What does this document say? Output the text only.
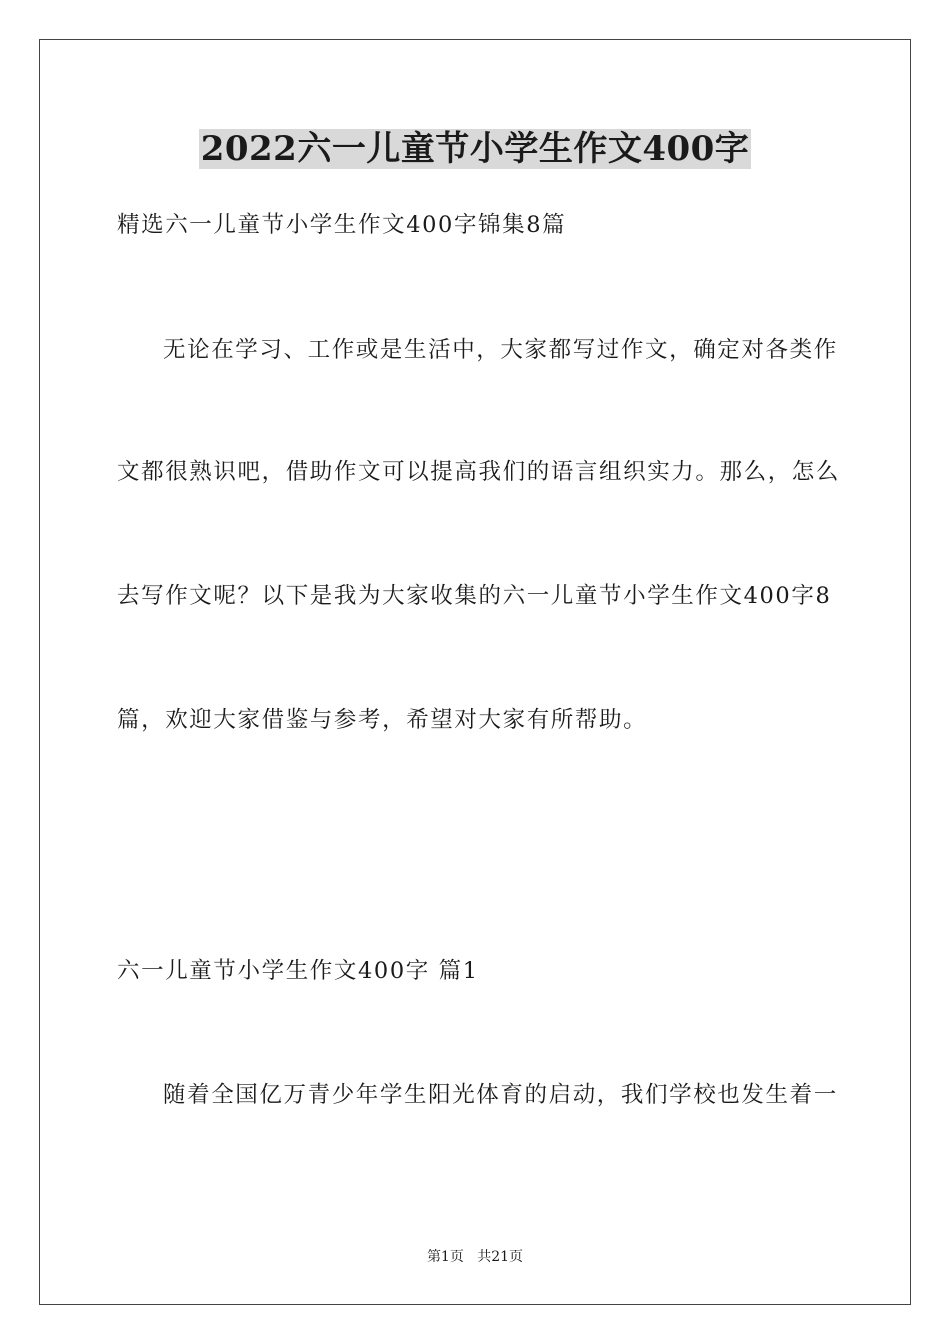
2022六一儿童节小学生作文400字
精选六一儿童节小学生作文400字锦集8篇
无论在学习、工作或是生活中，大家都写过作文，确定对各类作
文都很熟识吧，借助作文可以提高我们的语言组织实力。那么，怎么
去写作文呢？以下是我为大家收集的六一儿童节小学生作文400字8
篇，欢迎大家借鉴与参考，希望对大家有所帮助。
六一儿童节小学生作文400字 篇1
随着全国亿万青少年学生阳光体育的启动，我们学校也发生着一
第1页 共21页
